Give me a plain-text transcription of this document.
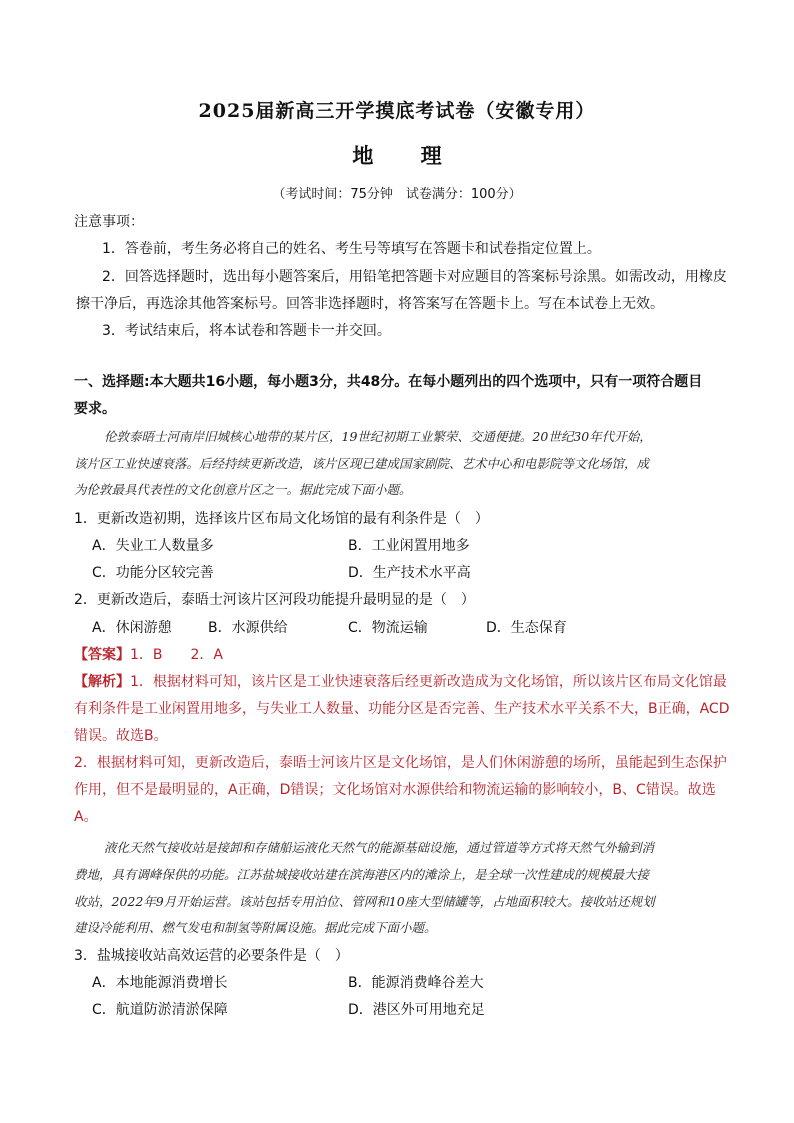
2025届新高三开学摸底考试卷（安徽专用）
地 理
（考试时间：75分钟　试卷满分：100分）
注意事项：
1．答卷前，考生务必将自己的姓名、考生号等填写在答题卡和试卷指定位置上。
2．回答选择题时，选出每小题答案后，用铅笔把答题卡对应题目的答案标号涂黑。如需改动，用橡皮
擦干净后，再选涂其他答案标号。回答非选择题时，将答案写在答题卡上。写在本试卷上无效。
3．考试结束后，将本试卷和答题卡一并交回。
一、选择题:本大题共16小题，每小题3分，共48分。在每小题列出的四个选项中，只有一项符合题目
要求。
伦敦泰晤士河南岸旧城核心地带的某片区，19世纪初期工业繁荣、交通便捷。20世纪30年代开始，
该片区工业快速衰落。后经持续更新改造，该片区现已建成国家剧院、艺术中心和电影院等文化场馆，成
为伦敦最具代表性的文化创意片区之一。据此完成下面小题。
1．更新改造初期，选择该片区布局文化场馆的最有利条件是（　）
A．失业工人数量多	B．工业闲置用地多
C．功能分区较完善	D．生产技术水平高
2．更新改造后，泰晤士河该片区河段功能提升最明显的是（　）
A．休闲游憩	B．水源供给	C．物流运输	D．生态保育
【答案】1．B　　2．A
【解析】1．根据材料可知，该片区是工业快速衰落后经更新改造成为文化场馆，所以该片区布局文化馆最
有利条件是工业闲置用地多，与失业工人数量、功能分区是否完善、生产技术水平关系不大，B正确，ACD
错误。故选B。
2．根据材料可知，更新改造后，泰晤士河该片区是文化场馆，是人们休闲游憩的场所，虽能起到生态保护
作用，但不是最明显的，A正确，D错误；文化场馆对水源供给和物流运输的影响较小，B、C错误。故选
A。
液化天然气接收站是接卸和存储船运液化天然气的能源基础设施，通过管道等方式将天然气外输到消
费地，具有调峰保供的功能。江苏盐城接收站建在滨海港区内的滩涂上，是全球一次性建成的规模最大接
收站，2022年9月开始运营。该站包括专用泊位、管网和10座大型储罐等，占地面积较大。接收站还规划
建设冷能利用、燃气发电和制氢等附属设施。据此完成下面小题。
3．盐城接收站高效运营的必要条件是（　）
A．本地能源消费增长	B．能源消费峰谷差大
C．航道防淤清淤保障	D．港区外可用地充足
